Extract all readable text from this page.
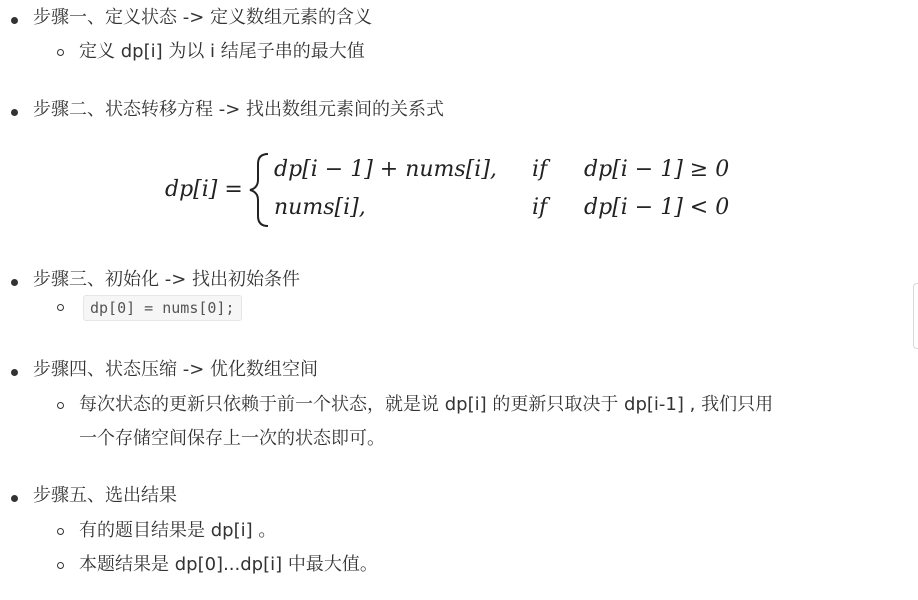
步骤一、定义状态 -> 定义数组元素的含义
定义 dp[i] 为以 i 结尾子串的最大值
步骤二、状态转移方程 -> 找出数组元素间的关系式
dp[i] =
dp[i − 1] + nums[i], if dp[i − 1] ≥ 0
nums[i],	if dp[i − 1] < 0
步骤三、初始化 -> 找出初始条件
dp[0] = nums[0];
步骤四、状态压缩 -> 优化数组空间
每次状态的更新只依赖于前一个状态，就是说 dp[i] 的更新只取决于 dp[i-1] , 我们只用
一个存储空间保存上一次的状态即可。
步骤五、选出结果
有的题目结果是 dp[i] 。
本题结果是 dp[0]...dp[i] 中最大值。
